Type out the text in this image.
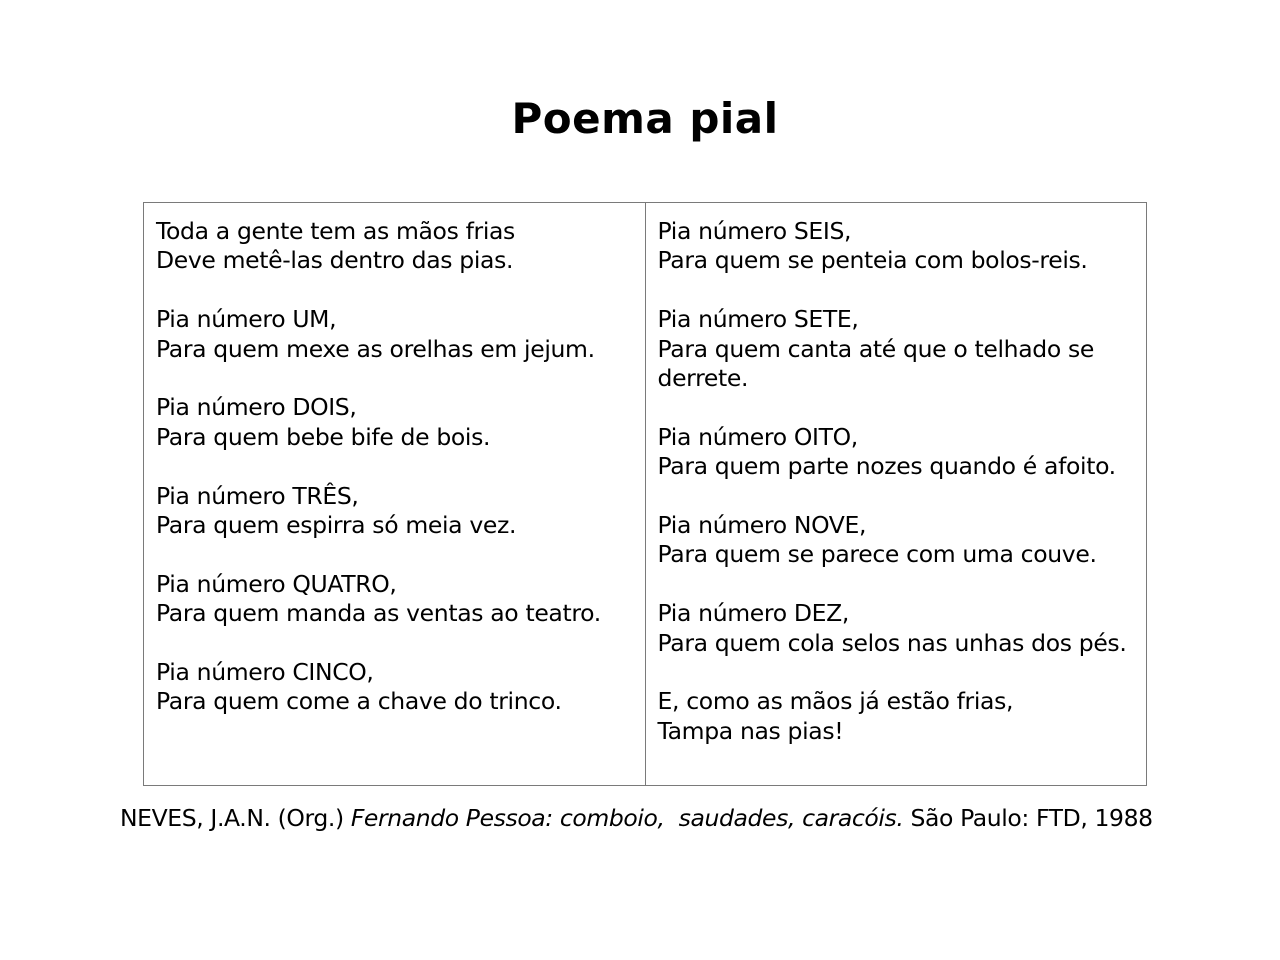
Poema pial
Toda a gente tem as mãos frias
Deve metê-las dentro das pias.
Pia número UM,
Para quem mexe as orelhas em jejum.
Pia número DOIS,
Para quem bebe bife de bois.
Pia número TRÊS,
Para quem espirra só meia vez.
Pia número QUATRO,
Para quem manda as ventas ao teatro.
Pia número CINCO,
Para quem come a chave do trinco.
Pia número SEIS,
Para quem se penteia com bolos-reis.
Pia número SETE,
Para quem canta até que o telhado se derrete.
Pia número OITO,
Para quem parte nozes quando é afoito.
Pia número NOVE,
Para quem se parece com uma couve.
Pia número DEZ,
Para quem cola selos nas unhas dos pés.
E, como as mãos já estão frias,
Tampa nas pias!
NEVES, J.A.N. (Org.) Fernando Pessoa: comboio,  saudades, caracóis. São Paulo: FTD, 1988
